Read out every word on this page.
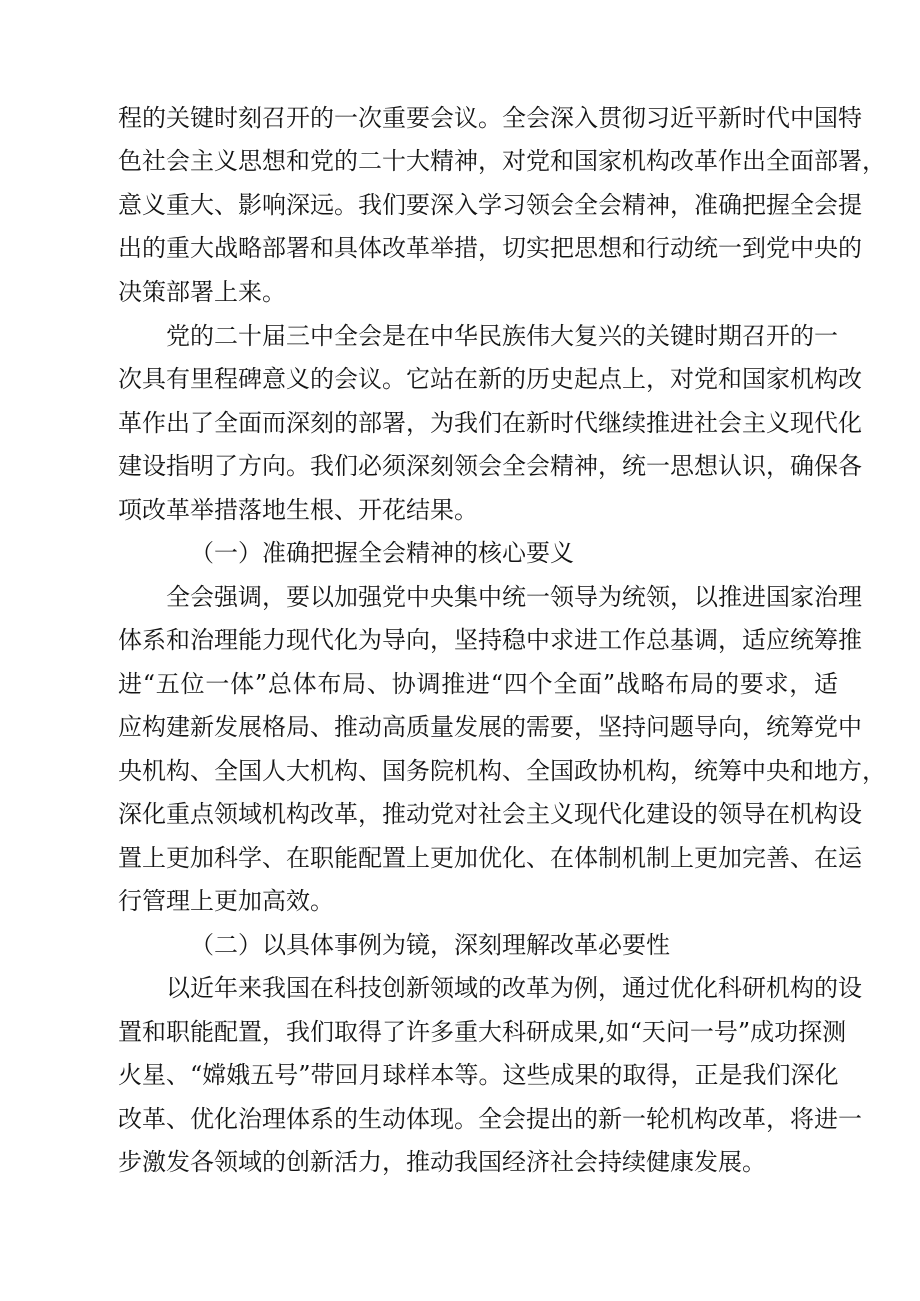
程的关键时刻召开的一次重要会议。全会深入贯彻习近平新时代中国特
色社会主义思想和党的二十大精神，对党和国家机构改革作出全面部署，
意义重大、影响深远。我们要深入学习领会全会精神，准确把握全会提
出的重大战略部署和具体改革举措，切实把思想和行动统一到党中央的
决策部署上来。
党的二十届三中全会是在中华民族伟大复兴的关键时期召开的一
次具有里程碑意义的会议。它站在新的历史起点上，对党和国家机构改
革作出了全面而深刻的部署，为我们在新时代继续推进社会主义现代化
建设指明了方向。我们必须深刻领会全会精神，统一思想认识，确保各
项改革举措落地生根、开花结果。
（一）准确把握全会精神的核心要义
全会强调，要以加强党中央集中统一领导为统领，以推进国家治理
体系和治理能力现代化为导向，坚持稳中求进工作总基调，适应统筹推
进“五位一体”总体布局、协调推进“四个全面”战略布局的要求，适
应构建新发展格局、推动高质量发展的需要，坚持问题导向，统筹党中
央机构、全国人大机构、国务院机构、全国政协机构，统筹中央和地方，
深化重点领域机构改革，推动党对社会主义现代化建设的领导在机构设
置上更加科学、在职能配置上更加优化、在体制机制上更加完善、在运
行管理上更加高效。
（二）以具体事例为镜，深刻理解改革必要性
以近年来我国在科技创新领域的改革为例，通过优化科研机构的设
置和职能配置，我们取得了许多重大科研成果,如“天问一号”成功探测
火星、“嫦娥五号”带回月球样本等。这些成果的取得，正是我们深化
改革、优化治理体系的生动体现。全会提出的新一轮机构改革，将进一
步激发各领域的创新活力，推动我国经济社会持续健康发展。
